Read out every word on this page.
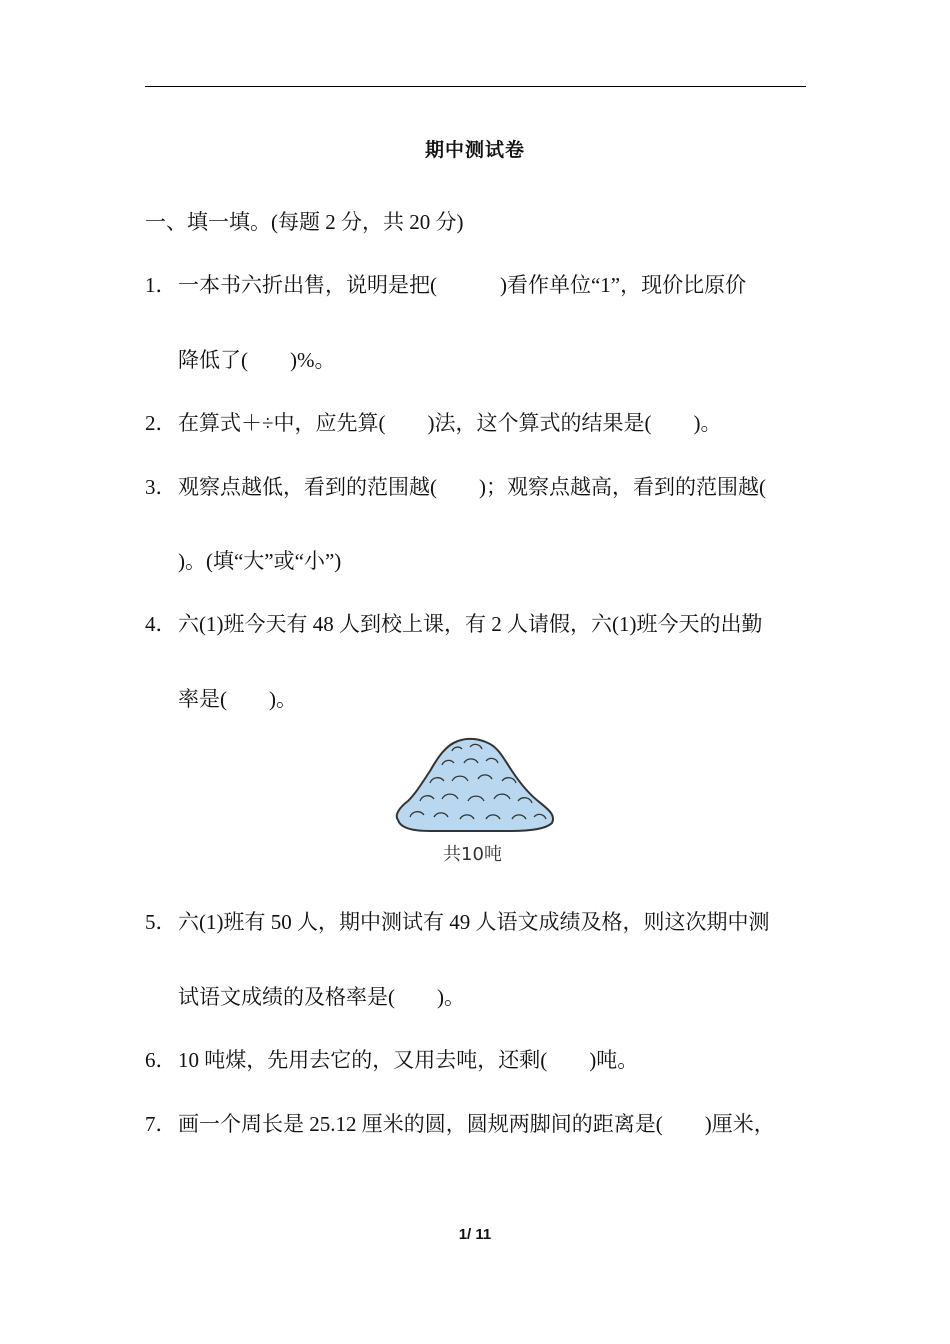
期中测试卷
一、填一填。(每题 2 分，共 20 分)
1． 一本书六折出售，说明是把(　　　)看作单位“1”，现价比原价
降低了(　　)%。
2． 在算式＋÷中，应先算(　　)法，这个算式的结果是(　　)。
3． 观察点越低，看到的范围越(　　)；观察点越高，看到的范围越(
)。(填“大”或“小”)
4． 六(1)班今天有 48 人到校上课，有 2 人请假，六(1)班今天的出勤
率是(　　)。
共10吨
5． 六(1)班有 50 人，期中测试有 49 人语文成绩及格，则这次期中测
试语文成绩的及格率是(　　)。
6． 10 吨煤，先用去它的，又用去吨，还剩(　　)吨。
7． 画一个周长是 25.12 厘米的圆，圆规两脚间的距离是(　　)厘米，
1/ 11
